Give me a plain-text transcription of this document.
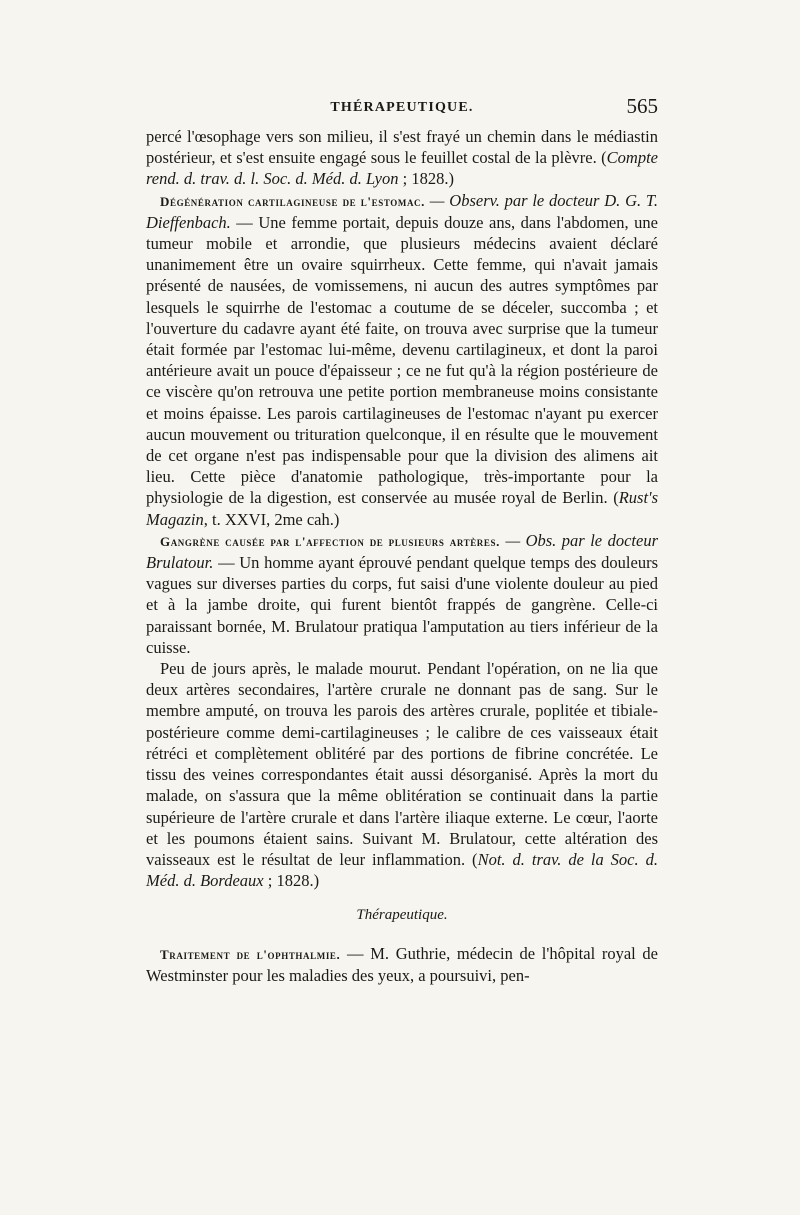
THÉRAPEUTIQUE.	565

percé l'œsophage vers son milieu, il s'est frayé un chemin dans le médiastin postérieur, et s'est ensuite engagé sous le feuillet costal de la plèvre. (Compte rend. d. trav. d. l. Soc. d. Méd. d. Lyon ; 1828.)

Dégénération cartilagineuse de l'estomac. — Observ. par le docteur D. G. T. Dieffenbach. — Une femme portait, depuis douze ans, dans l'abdomen, une tumeur mobile et arrondie, que plusieurs médecins avaient déclaré unanimement être un ovaire squirrheux. Cette femme, qui n'avait jamais présenté de nausées, de vomissemens, ni aucun des autres symptômes par lesquels le squirrhe de l'estomac a coutume de se déceler, succomba ; et l'ouverture du cadavre ayant été faite, on trouva avec surprise que la tumeur était formée par l'estomac lui-même, devenu cartilagineux, et dont la paroi antérieure avait un pouce d'épaisseur ; ce ne fut qu'à la région postérieure de ce viscère qu'on retrouva une petite portion membraneuse moins consistante et moins épaisse. Les parois cartilagineuses de l'estomac n'ayant pu exercer aucun mouvement ou trituration quelconque, il en résulte que le mouvement de cet organe n'est pas indispensable pour que la division des alimens ait lieu. Cette pièce d'anatomie pathologique, très-importante pour la physiologie de la digestion, est conservée au musée royal de Berlin. (Rust's Magazin, t. XXVI, 2me cah.)

Gangrène causée par l'affection de plusieurs artères. — Obs. par le docteur Brulatour. — Un homme ayant éprouvé pendant quelque temps des douleurs vagues sur diverses parties du corps, fut saisi d'une violente douleur au pied et à la jambe droite, qui furent bientôt frappés de gangrène. Celle-ci paraissant bornée, M. Brulatour pratiqua l'amputation au tiers inférieur de la cuisse.

Peu de jours après, le malade mourut. Pendant l'opération, on ne lia que deux artères secondaires, l'artère crurale ne donnant pas de sang. Sur le membre amputé, on trouva les parois des artères crurale, poplitée et tibiale-postérieure comme demi-cartilagineuses ; le calibre de ces vaisseaux était rétréci et complètement oblitéré par des portions de fibrine concrétée. Le tissu des veines correspondantes était aussi désorganisé. Après la mort du malade, on s'assura que la même oblitération se continuait dans la partie supérieure de l'artère crurale et dans l'artère iliaque externe. Le cœur, l'aorte et les poumons étaient sains. Suivant M. Brulatour, cette altération des vaisseaux est le résultat de leur inflammation. (Not. d. trav. de la Soc. d. Méd. d. Bordeaux ; 1828.)

Thérapeutique.

Traitement de l'ophthalmie. — M. Guthrie, médecin de l'hôpital royal de Westminster pour les maladies des yeux, a poursuivi, pen-
